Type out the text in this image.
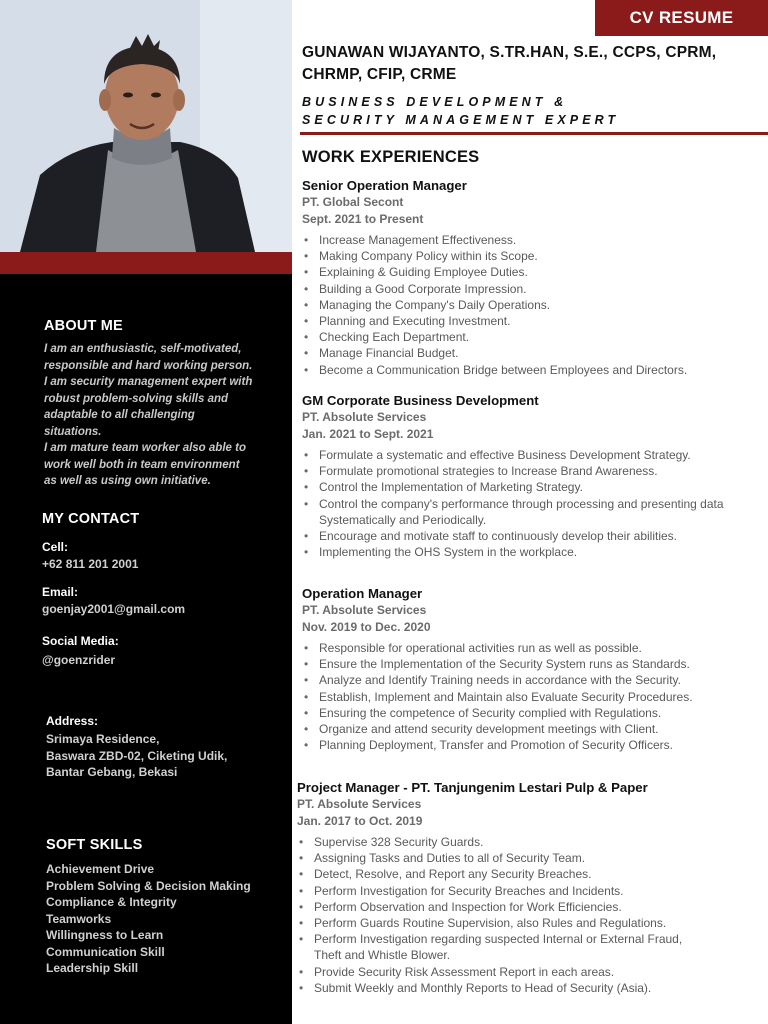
ABOUT ME
I am an enthusiastic, self-motivated,
responsible and hard working person.
I am security management expert with
robust problem-solving skills and
adaptable to all challenging
situations.
I am mature team worker also able to
work well both in team environment
as well as using own initiative.
MY CONTACT
Cell:
+62 811 201 2001
Email:
goenjay2001@gmail.com
Social Media:
@goenzrider
Address:
Srimaya Residence,
Baswara ZBD-02, Ciketing Udik,
Bantar Gebang, Bekasi
SOFT SKILLS
Achievement Drive
Problem Solving & Decision Making
Compliance & Integrity
Teamworks
Willingness to Learn
Communication Skill
Leadership Skill
CV RESUME
GUNAWAN WIJAYANTO, S.TR.HAN, S.E., CCPS, CPRM,
CHRMP, CFIP, CRME
BUSINESS DEVELOPMENT &
SECURITY MANAGEMENT EXPERT
WORK EXPERIENCES
Senior Operation Manager
PT. Global Secont
Sept. 2021 to Present
• Increase Management Effectiveness.
• Making Company Policy within its Scope.
• Explaining & Guiding Employee Duties.
• Building a Good Corporate Impression.
• Managing the Company's Daily Operations.
• Planning and Executing Investment.
• Checking Each Department.
• Manage Financial Budget.
• Become a Communication Bridge between Employees and Directors.
GM Corporate Business Development
PT. Absolute Services
Jan. 2021 to Sept. 2021
• Formulate a systematic and effective Business Development Strategy.
• Formulate promotional strategies to Increase Brand Awareness.
• Control the Implementation of Marketing Strategy.
• Control the company's performance through processing and presenting data Systematically and Periodically.
• Encourage and motivate staff to continuously develop their abilities.
• Implementing the OHS System in the workplace.
Operation Manager
PT. Absolute Services
Nov. 2019 to Dec. 2020
• Responsible for operational activities run as well as possible.
• Ensure the Implementation of the Security System runs as Standards.
• Analyze and Identify Training needs in accordance with the Security.
• Establish, Implement and Maintain also Evaluate Security Procedures.
• Ensuring the competence of Security complied with Regulations.
• Organize and attend security development meetings with Client.
• Planning Deployment, Transfer and Promotion of Security Officers.
Project Manager - PT. Tanjungenim Lestari Pulp & Paper
PT. Absolute Services
Jan. 2017 to Oct. 2019
• Supervise 328 Security Guards.
• Assigning Tasks and Duties to all of Security Team.
• Detect, Resolve, and Report any Security Breaches.
• Perform Investigation for Security Breaches and Incidents.
• Perform Observation and Inspection for Work Efficiencies.
• Perform Guards Routine Supervision, also Rules and Regulations.
• Perform Investigation regarding suspected Internal or External Fraud, Theft and Whistle Blower.
• Provide Security Risk Assessment Report in each areas.
• Submit Weekly and Monthly Reports to Head of Security (Asia).
